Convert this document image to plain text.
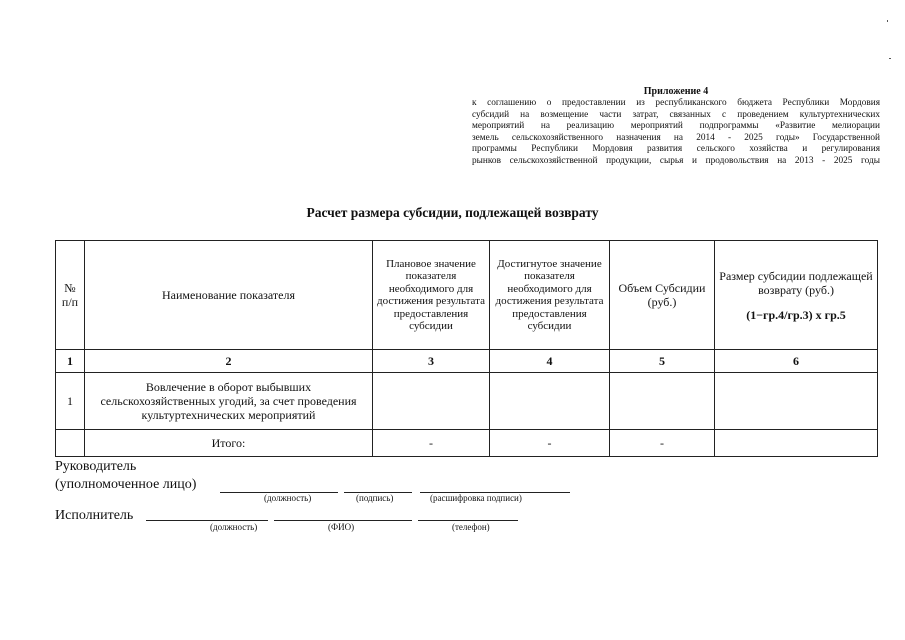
Приложение 4
к соглашению о предоставлении из республиканского бюджета Республики Мордовия
субсидий на возмещение части затрат, связанных с проведением культуртехнических
мероприятий на реализацию мероприятий подпрограммы «Развитие мелиорации
земель сельскохозяйственного назначения на 2014 - 2025 годы» Государственной
программы Республики Мордовия развития сельского хозяйства и регулирования
рынков сельскохозяйственной продукции, сырья и продовольствия на 2013 - 2025 годы
Расчет размера субсидии, подлежащей возврату
№ п/п	Наименование показателя	Плановое значение показателя необходимого для достижения результата предоставления субсидии	Достигнутое значение показателя необходимого для достижения результата предоставления субсидии	Объем Субсидии (руб.)	Размер субсидии подлежащей возврату (руб.)
(1−гр.4/гр.3) х гр.5

1	2	3	4	5	6
1	Вовлечение в оборот выбывших сельскохозяйственных угодий, за счет проведения культуртехнических мероприятий				
	Итого:	-	-	-	
Руководитель
(уполномоченное лицо)
(должность)	(подпись)	(расшифровка подписи)
Исполнитель
(должность)	(ФИО)	(телефон)
